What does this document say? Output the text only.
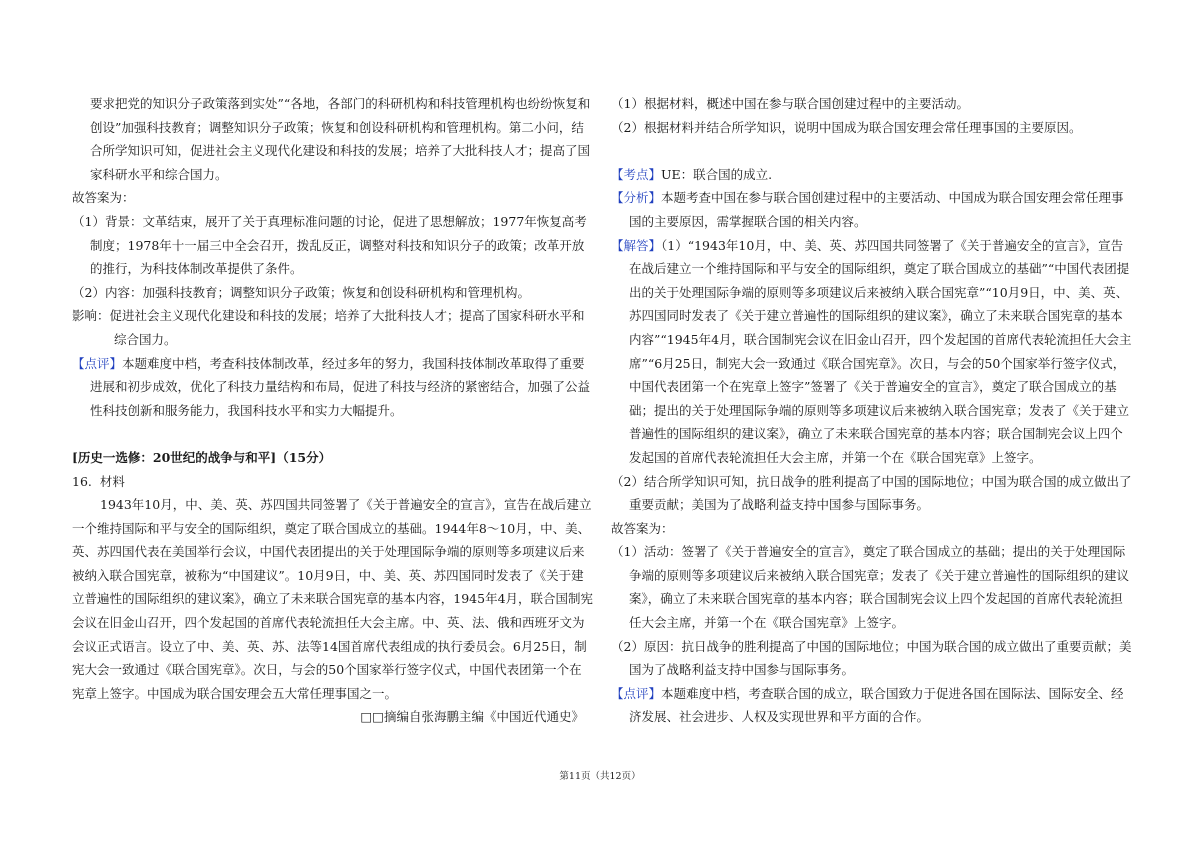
要求把党的知识分子政策落到实处”“各地，各部门的科研机构和科技管理机构也纷纷恢复和创设”加强科技教育；调整知识分子政策；恢复和创设科研机构和管理机构。第二小问，结合所学知识可知，促进社会主义现代化建设和科技的发展；培养了大批科技人才；提高了国家科研水平和综合国力。

故答案为：

（1）背景：文革结束，展开了关于真理标准问题的讨论，促进了思想解放；1977年恢复高考制度；1978年十一届三中全会召开，拨乱反正，调整对科技和知识分子的政策；改革开放的推行，为科技体制改革提供了条件。

（2）内容：加强科技教育；调整知识分子政策；恢复和创设科研机构和管理机构。

影响：促进社会主义现代化建设和科技的发展；培养了大批科技人才；提高了国家科研水平和综合国力。

【点评】本题难度中档，考查科技体制改革，经过多年的努力，我国科技体制改革取得了重要进展和初步成效，优化了科技力量结构和布局，促进了科技与经济的紧密结合，加强了公益性科技创新和服务能力，我国科技水平和实力大幅提升。

[历史一选修：20世纪的战争与和平]（15分）

16. 材料

1943年10月，中、美、英、苏四国共同签署了《关于普遍安全的宣言》，宣告在战后建立一个维持国际和平与安全的国际组织，奠定了联合国成立的基础。1944年8～10月，中、美、英、苏四国代表在美国举行会议，中国代表团提出的关于处理国际争端的原则等多项建议后来被纳入联合国宪章，被称为“中国建议”。10月9日，中、美、英、苏四国同时发表了《关于建立普遍性的国际组织的建议案》，确立了未来联合国宪章的基本内容，1945年4月，联合国制宪会议在旧金山召开，四个发起国的首席代表轮流担任大会主席。中、英、法、俄和西班牙文为会议正式语言。设立了中、美、英、苏、法等14国首席代表组成的执行委员会。6月25日，制宪大会一致通过《联合国宪章》。次日，与会的50个国家举行签字仪式，中国代表团第一个在宪章上签字。中国成为联合国安理会五大常任理事国之一。

□□摘编自张海鹏主编《中国近代通史》

（1）根据材料，概述中国在参与联合国创建过程中的主要活动。

（2）根据材料并结合所学知识，说明中国成为联合国安理会常任理事国的主要原因。

【考点】UE：联合国的成立.

【分析】本题考查中国在参与联合国创建过程中的主要活动、中国成为联合国安理会常任理事国的主要原因，需掌握联合国的相关内容。

【解答】（1）“1943年10月，中、美、英、苏四国共同签署了《关于普遍安全的宣言》，宣告在战后建立一个维持国际和平与安全的国际组织，奠定了联合国成立的基础”“中国代表团提出的关于处理国际争端的原则等多项建议后来被纳入联合国宪章”“10月9日，中、美、英、苏四国同时发表了《关于建立普遍性的国际组织的建议案》，确立了未来联合国宪章的基本内容”“1945年4月，联合国制宪会议在旧金山召开，四个发起国的首席代表轮流担任大会主席”“6月25日，制宪大会一致通过《联合国宪章》。次日，与会的50个国家举行签字仪式，中国代表团第一个在宪章上签字”签署了《关于普遍安全的宣言》，奠定了联合国成立的基础；提出的关于处理国际争端的原则等多项建议后来被纳入联合国宪章；发表了《关于建立普遍性的国际组织的建议案》，确立了未来联合国宪章的基本内容；联合国制宪会议上四个发起国的首席代表轮流担任大会主席，并第一个在《联合国宪章》上签字。

（2）结合所学知识可知，抗日战争的胜利提高了中国的国际地位；中国为联合国的成立做出了重要贡献；美国为了战略利益支持中国参与国际事务。

故答案为：

（1）活动：签署了《关于普遍安全的宣言》，奠定了联合国成立的基础；提出的关于处理国际争端的原则等多项建议后来被纳入联合国宪章；发表了《关于建立普遍性的国际组织的建议案》，确立了未来联合国宪章的基本内容；联合国制宪会议上四个发起国的首席代表轮流担任大会主席，并第一个在《联合国宪章》上签字。

（2）原因：抗日战争的胜利提高了中国的国际地位；中国为联合国的成立做出了重要贡献；美国为了战略利益支持中国参与国际事务。

【点评】本题难度中档，考查联合国的成立，联合国致力于促进各国在国际法、国际安全、经济发展、社会进步、人权及实现世界和平方面的合作。

第11页（共12页）
